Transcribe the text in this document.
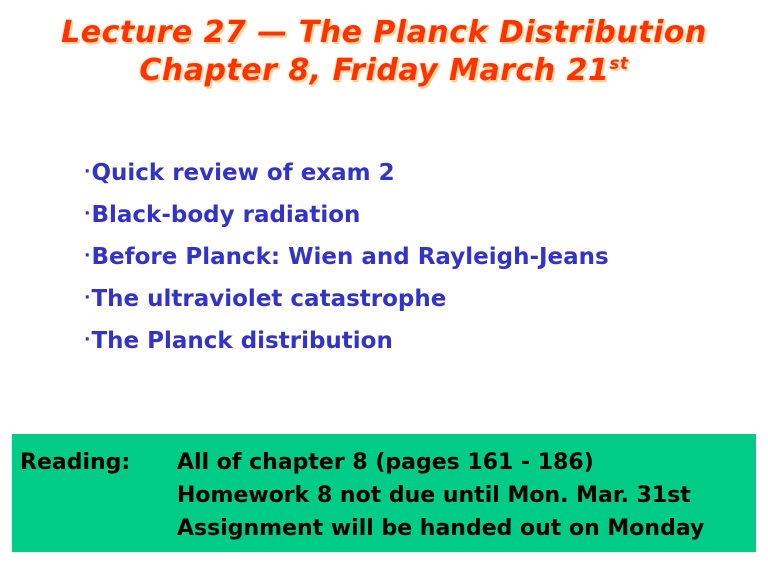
Lecture 27 — The Planck Distribution
Chapter 8, Friday March 21st
·Quick review of exam 2
·Black-body radiation
·Before Planck: Wien and Rayleigh-Jeans
·The ultraviolet catastrophe
·The Planck distribution
Reading: All of chapter 8 (pages 161 - 186)
Homework 8 not due until Mon. Mar. 31st
Assignment will be handed out on Monday
